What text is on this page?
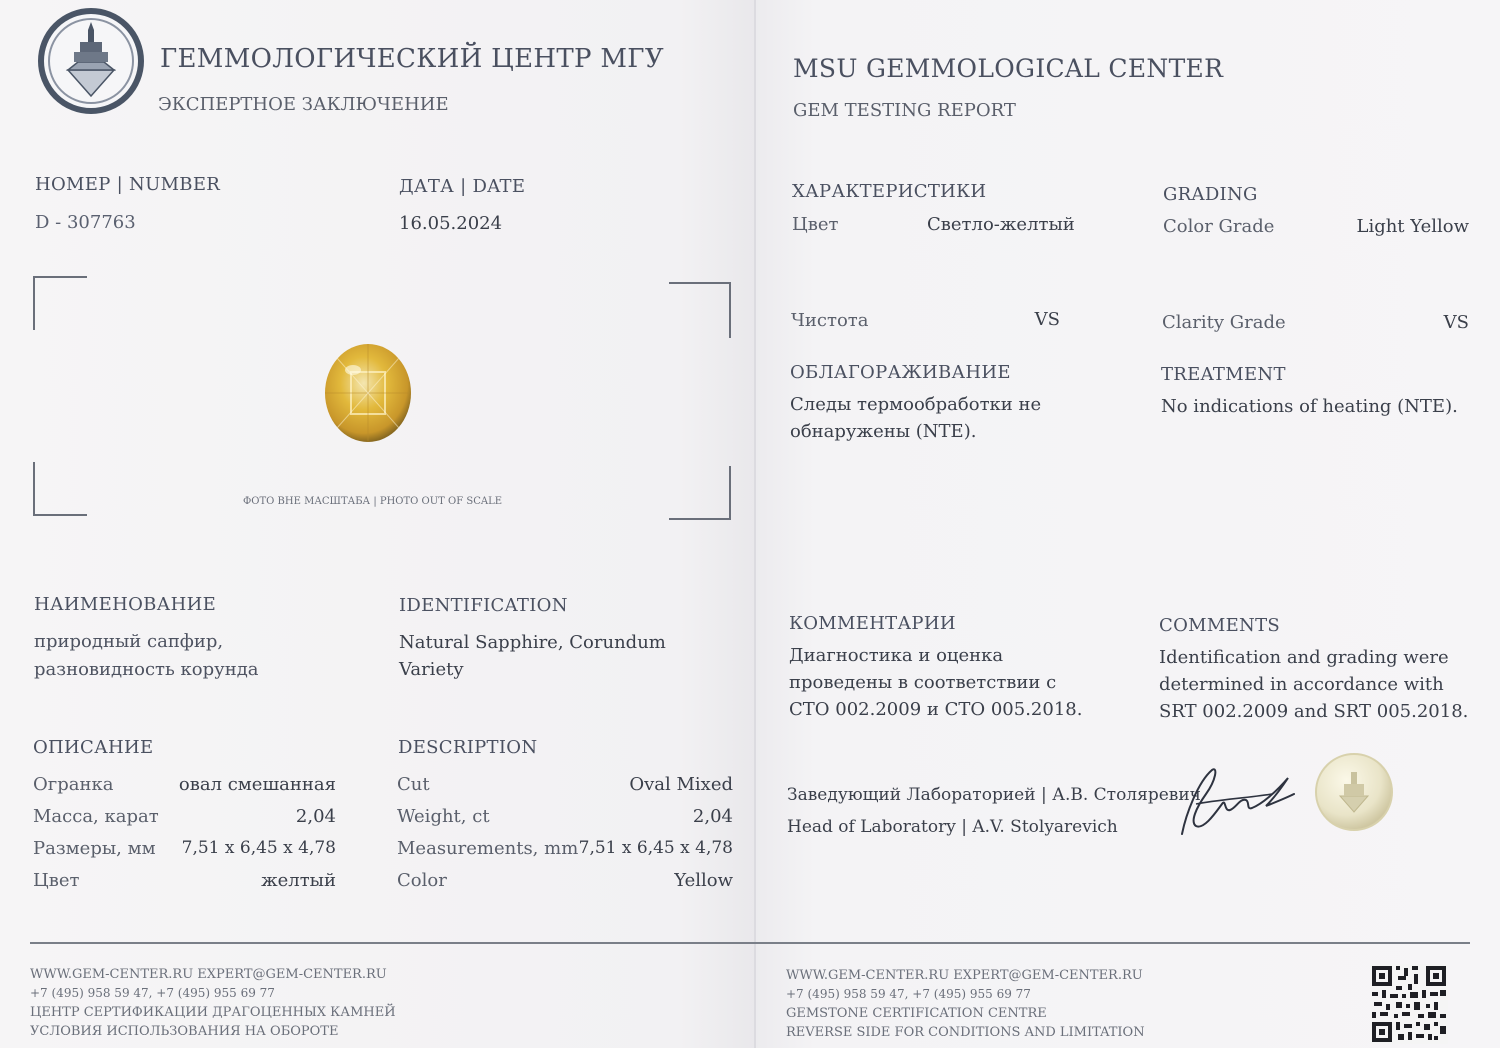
ГЕММОЛОГИЧЕСКИЙ ЦЕНТР МГУ
ЭКСПЕРТНОЕ ЗАКЛЮЧЕНИЕ
MSU GEMMOLOGICAL CENTER
GEM TESTING REPORT
НОМЕР | NUMBER
D - 307763
ДАТА | DATE
16.05.2024
ФОТО ВНЕ МАСШТАБА | PHOTO OUT OF SCALE
ХАРАКТЕРИСТИКИ
Цвет	Светло-желтый
GRADING
Color Grade	Light Yellow
Чистота	VS	Clarity Grade	VS
ОБЛАГОРАЖИВАНИЕ
Следы термообработки не
обнаружены (NTE).
TREATMENT
No indications of heating (NTE).
НАИМЕНОВАНИЕ
природный сапфир,
разновидность корунда
IDENTIFICATION
Natural Sapphire, Corundum
Variety
ОПИСАНИЕ	DESCRIPTION
Огранка	овал смешанная
Масса, карат	2,04
Размеры, мм	7,51 x 6,45 x 4,78
Цвет	желтый
Cut	Oval Mixed
Weight, ct	2,04
Measurements, mm 7,51 x 6,45 x 4,78
Color	Yellow
КОММЕНТАРИИ
Диагностика и оценка
проведены в соответствии с
СТО 002.2009 и СТО 005.2018.
COMMENTS
Identification and grading were
determined in accordance with
SRT 002.2009 and SRT 005.2018.
Заведующий Лабораторией | А.В. Столяревич
Head of Laboratory | A.V. Stolyarevich
WWW.GEM-CENTER.RU EXPERT@GEM-CENTER.RU
+7 (495) 958 59 47, +7 (495) 955 69 77
ЦЕНТР СЕРТИФИКАЦИИ ДРАГОЦЕННЫХ КАМНЕЙ
УСЛОВИЯ ИСПОЛЬЗОВАНИЯ НА ОБОРОТЕ
WWW.GEM-CENTER.RU EXPERT@GEM-CENTER.RU
+7 (495) 958 59 47, +7 (495) 955 69 77
GEMSTONE CERTIFICATION CENTRE
REVERSE SIDE FOR CONDITIONS AND LIMITATION
